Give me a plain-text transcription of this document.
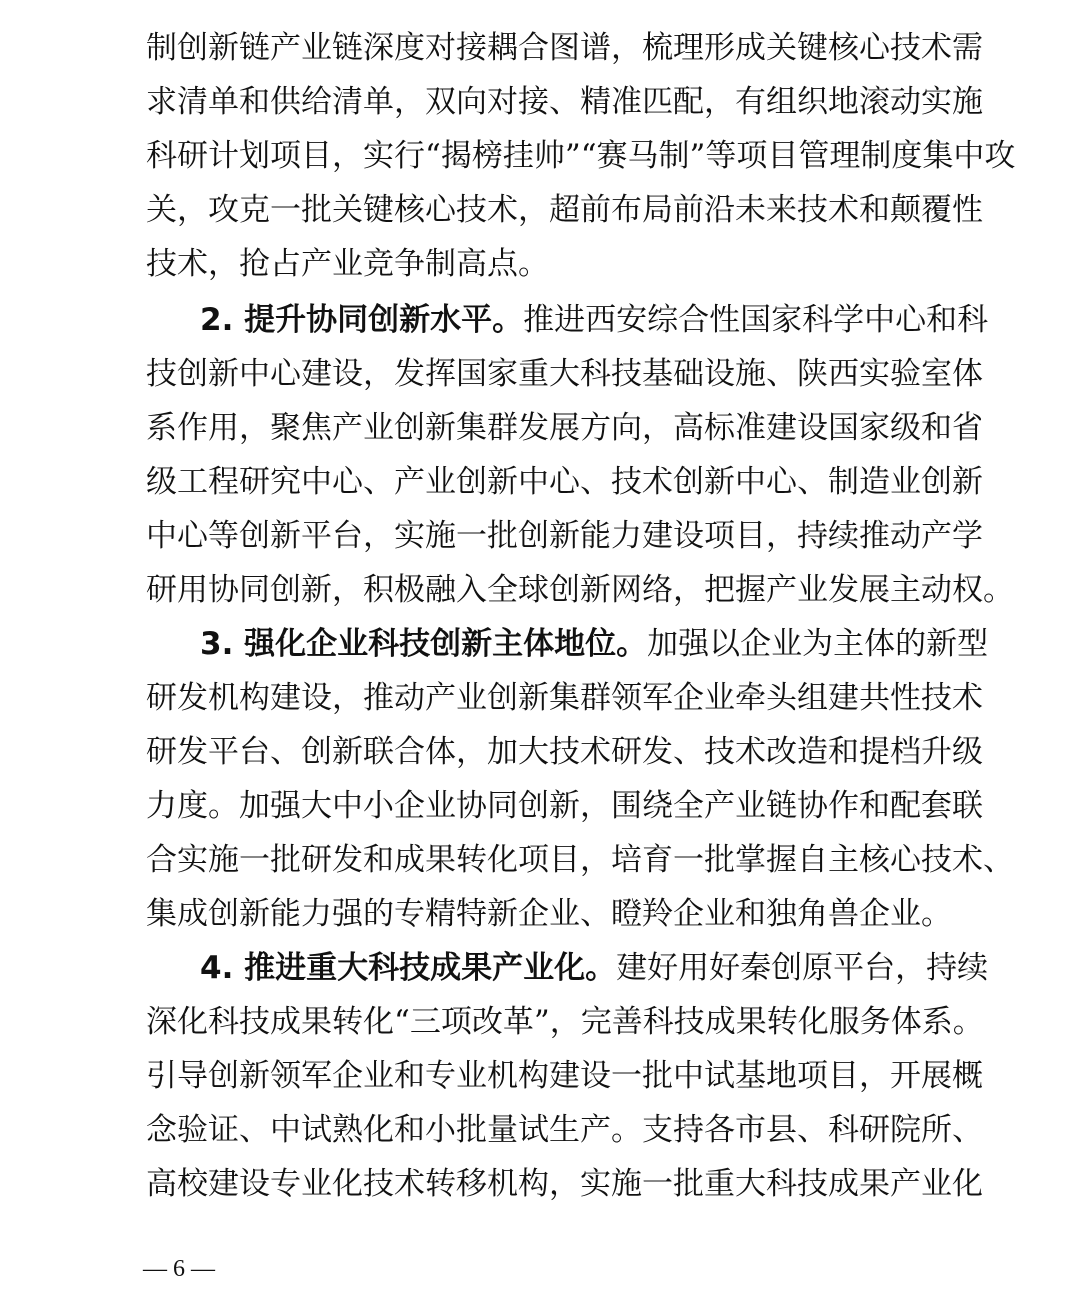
制创新链产业链深度对接耦合图谱，梳理形成关键核心技术需
求清单和供给清单，双向对接、精准匹配，有组织地滚动实施
科研计划项目，实行“揭榜挂帅”“赛马制”等项目管理制度集中攻
关，攻克一批关键核心技术，超前布局前沿未来技术和颠覆性
技术，抢占产业竞争制高点。
2. 提升协同创新水平。推进西安综合性国家科学中心和科
技创新中心建设，发挥国家重大科技基础设施、陕西实验室体
系作用，聚焦产业创新集群发展方向，高标准建设国家级和省
级工程研究中心、产业创新中心、技术创新中心、制造业创新
中心等创新平台，实施一批创新能力建设项目，持续推动产学
研用协同创新，积极融入全球创新网络，把握产业发展主动权。
3. 强化企业科技创新主体地位。加强以企业为主体的新型
研发机构建设，推动产业创新集群领军企业牵头组建共性技术
研发平台、创新联合体，加大技术研发、技术改造和提档升级
力度。加强大中小企业协同创新，围绕全产业链协作和配套联
合实施一批研发和成果转化项目，培育一批掌握自主核心技术、
集成创新能力强的专精特新企业、瞪羚企业和独角兽企业。
4. 推进重大科技成果产业化。建好用好秦创原平台，持续
深化科技成果转化“三项改革”，完善科技成果转化服务体系。
引导创新领军企业和专业机构建设一批中试基地项目，开展概
念验证、中试熟化和小批量试生产。支持各市县、科研院所、
高校建设专业化技术转移机构，实施一批重大科技成果产业化
— 6 —
